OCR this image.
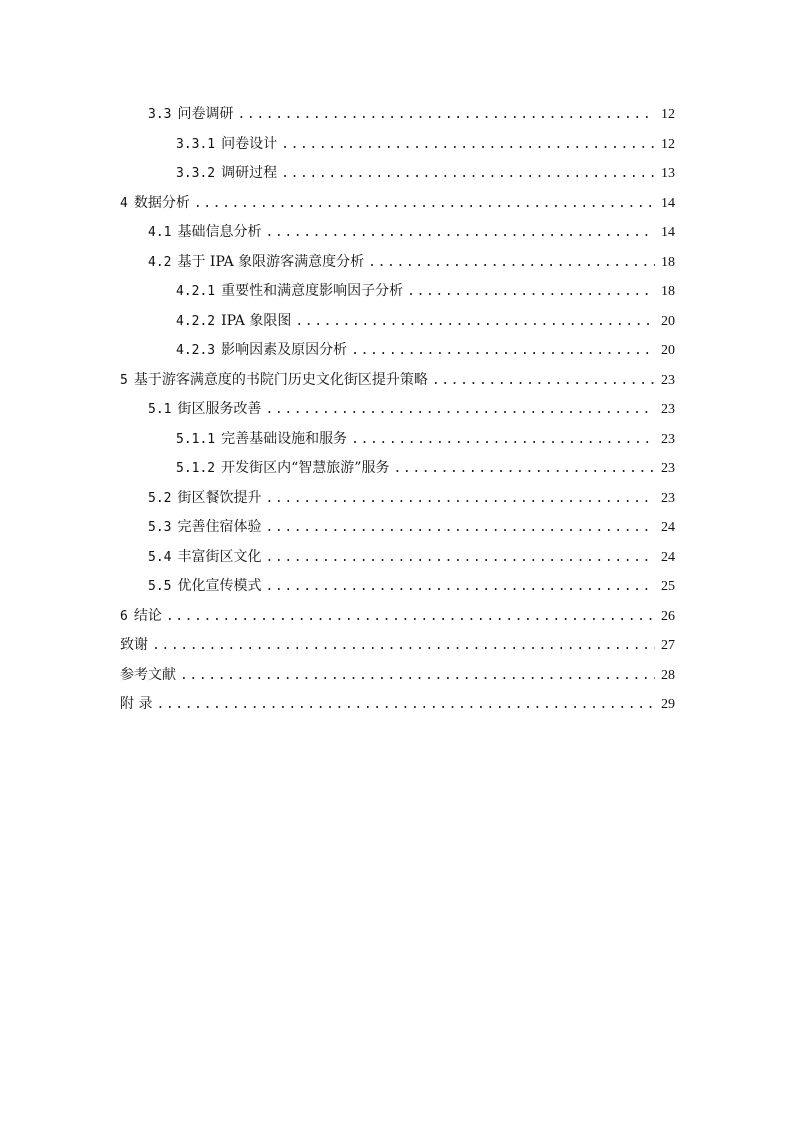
3.3 问卷调研 .....	12
3.3.1 问卷设计 .....	12
3.3.2 调研过程 .....	13
4 数据分析 .....	14
4.1 基础信息分析 .....	14
4.2 基于 IPA 象限游客满意度分析 .....	18
4.2.1 重要性和满意度影响因子分析 .....	18
4.2.2 IPA 象限图 .....	20
4.2.3 影响因素及原因分析 .....	20
5 基于游客满意度的书院门历史文化街区提升策略 .....	23
5.1 街区服务改善 .....	23
5.1.1 完善基础设施和服务 .....	23
5.1.2 开发街区内“智慧旅游”服务 .....	23
5.2 街区餐饮提升 .....	23
5.3 完善住宿体验 .....	24
5.4 丰富街区文化 .....	24
5.5 优化宣传模式 .....	25
6 结论 .....	26
致谢 .....	27
参考文献 .....	28
附 录 .....	29
